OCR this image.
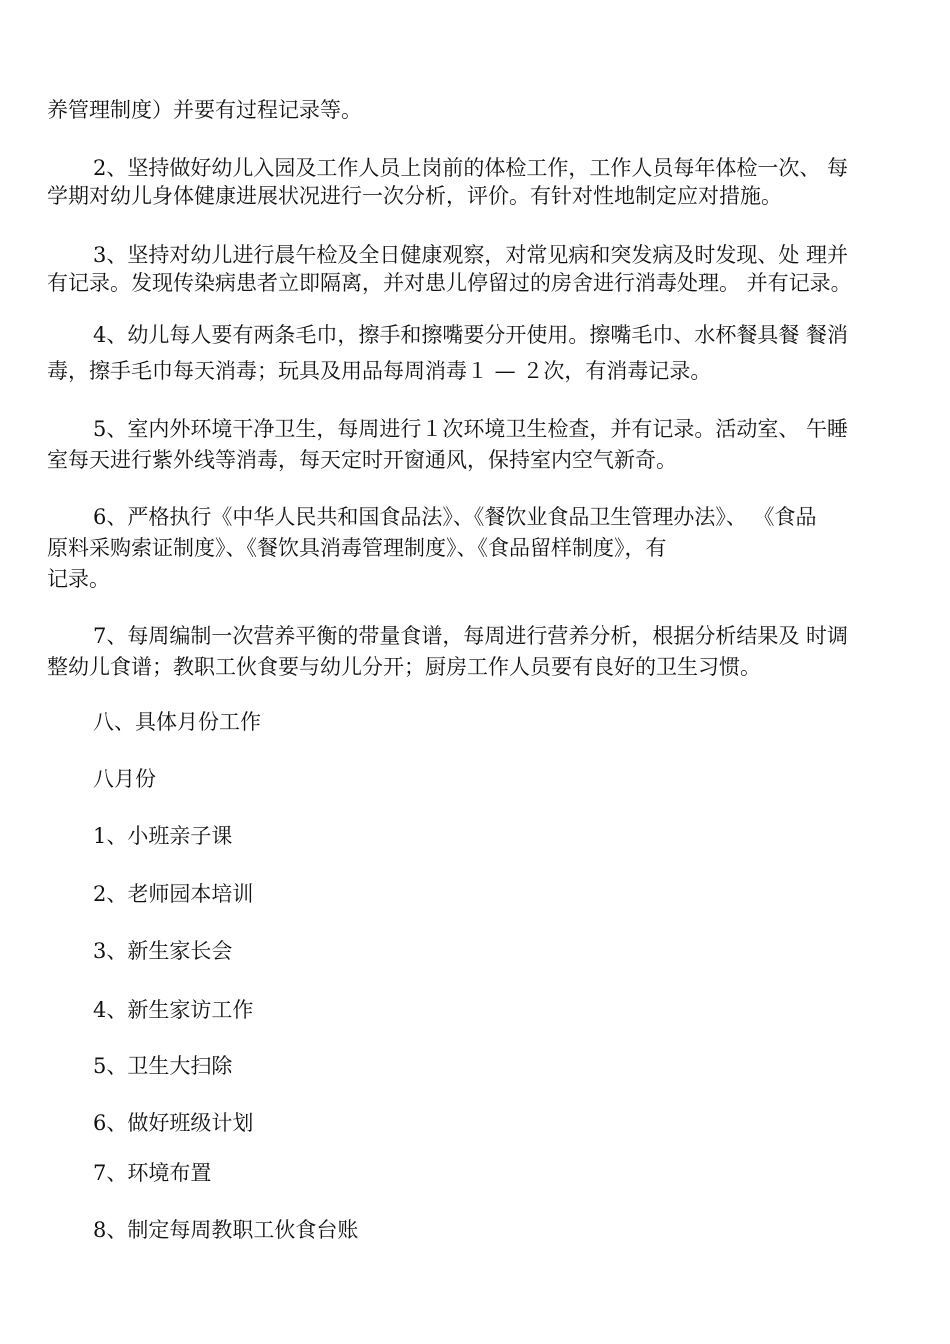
养管理制度）并要有过程记录等。
2、坚持做好幼儿入园及工作人员上岗前的体检工作，工作人员每年体检一次、 每
学期对幼儿身体健康进展状况进行一次分析，评价。有针对性地制定应对措施。
3、坚持对幼儿进行晨午检及全日健康观察，对常见病和突发病及时发现、处 理并
有记录。发现传染病患者立即隔离，并对患儿停留过的房舍进行消毒处理。 并有记录。
4、幼儿每人要有两条毛巾，擦手和擦嘴要分开使用。擦嘴毛巾、水杯餐具餐 餐消
毒，擦手毛巾每天消毒；玩具及用品每周消毒１ — ２次，有消毒记录。
5、室内外环境干净卫生，每周进行１次环境卫生检查，并有记录。活动室、 午睡
室每天进行紫外线等消毒，每天定时开窗通风，保持室内空气新奇。
6、严格执行《中华人民共和国食品法》、《餐饮业食品卫生管理办法》、 《食品
原料采购索证制度》、《餐饮具消毒管理制度》、《食品留样制度》，有
记录。
7、每周编制一次营养平衡的带量食谱，每周进行营养分析，根据分析结果及 时调
整幼儿食谱；教职工伙食要与幼儿分开；厨房工作人员要有良好的卫生习惯。
八、具体月份工作
八月份
1、小班亲子课
2、老师园本培训
3、新生家长会
4、新生家访工作
5、卫生大扫除
6、做好班级计划
7、环境布置
8、制定每周教职工伙食台账
